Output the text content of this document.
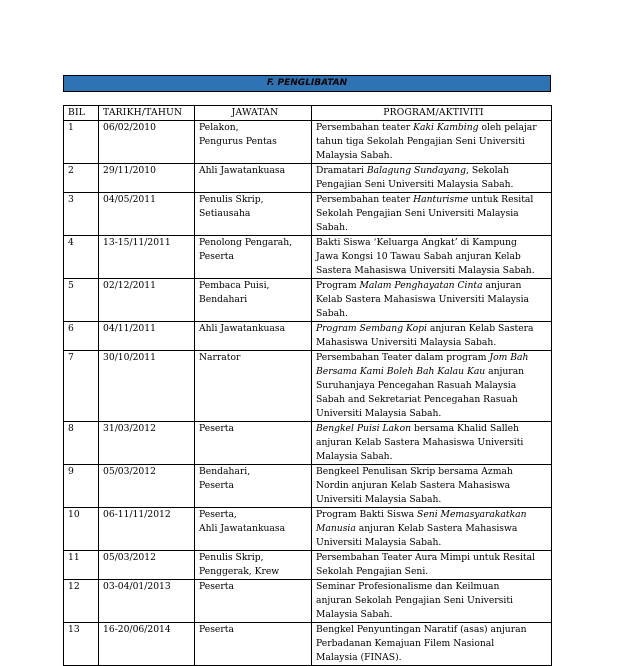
F. PENGLIBATAN
BIL	TARIKH/TAHUN	JAWATAN	PROGRAM/AKTIVITI
1	06/02/2010	Pelakon,
Pengurus Pentas	Persembahan teater Kaki Kambing oleh pelajar
tahun tiga Sekolah Pengajian Seni Universiti
Malaysia Sabah.

2	29/11/2010	Ahli Jawatankuasa	Dramatari Balagung Sundayang, Sekolah
Pengajian Seni Universiti Malaysia Sabah.

3	04/05/2011	Penulis Skrip,
Setiausaha	Persembahan teater Hanturisme untuk Resital
Sekolah Pengajian Seni Universiti Malaysia
Sabah.

4	13-15/11/2011	Penolong Pengarah,
Peserta	Bakti Siswa ‘Keluarga Angkat’ di Kampung
Jawa Kongsi 10 Tawau Sabah anjuran Kelab
Sastera Mahasiswa Universiti Malaysia Sabah.

5	02/12/2011	Pembaca Puisi,
Bendahari	Program Malam Penghayatan Cinta anjuran
Kelab Sastera Mahasiswa Universiti Malaysia
Sabah.

6	04/11/2011	Ahli Jawatankuasa	Program Sembang Kopi anjuran Kelab Sastera
Mahasiswa Universiti Malaysia Sabah.

7	30/10/2011	Narrator	Persembahan Teater dalam program Jom Bah
Bersama Kami Boleh Bah Kalau Kau anjuran
Suruhanjaya Pencegahan Rasuah Malaysia
Sabah and Sekretariat Pencegahan Rasuah
Universiti Malaysia Sabah.

8	31/03/2012	Peserta	Bengkel Puisi Lakon bersama Khalid Salleh
anjuran Kelab Sastera Mahasiswa Universiti
Malaysia Sabah.

9	05/03/2012	Bendahari,
Peserta	Bengkeel Penulisan Skrip bersama Azmah
Nordin anjuran Kelab Sastera Mahasiswa
Universiti Malaysia Sabah.

10	06-11/11/2012	Peserta,
Ahli Jawatankuasa	Program Bakti Siswa Seni Memasyarakatkan
Manusia anjuran Kelab Sastera Mahasiswa
Universiti Malaysia Sabah.

11	05/03/2012	Penulis Skrip,
Penggerak, Krew	Persembahan Teater Aura Mimpi untuk Resital
Sekolah Pengajian Seni.

12	03-04/01/2013	Peserta	Seminar Profesionalisme dan Keilmuan
anjuran Sekolah Pengajian Seni Universiti
Malaysia Sabah.

13	16-20/06/2014	Peserta	Bengkel Penyuntingan Naratif (asas) anjuran
Perbadanan Kemajuan Filem Nasional
Malaysia (FINAS).
